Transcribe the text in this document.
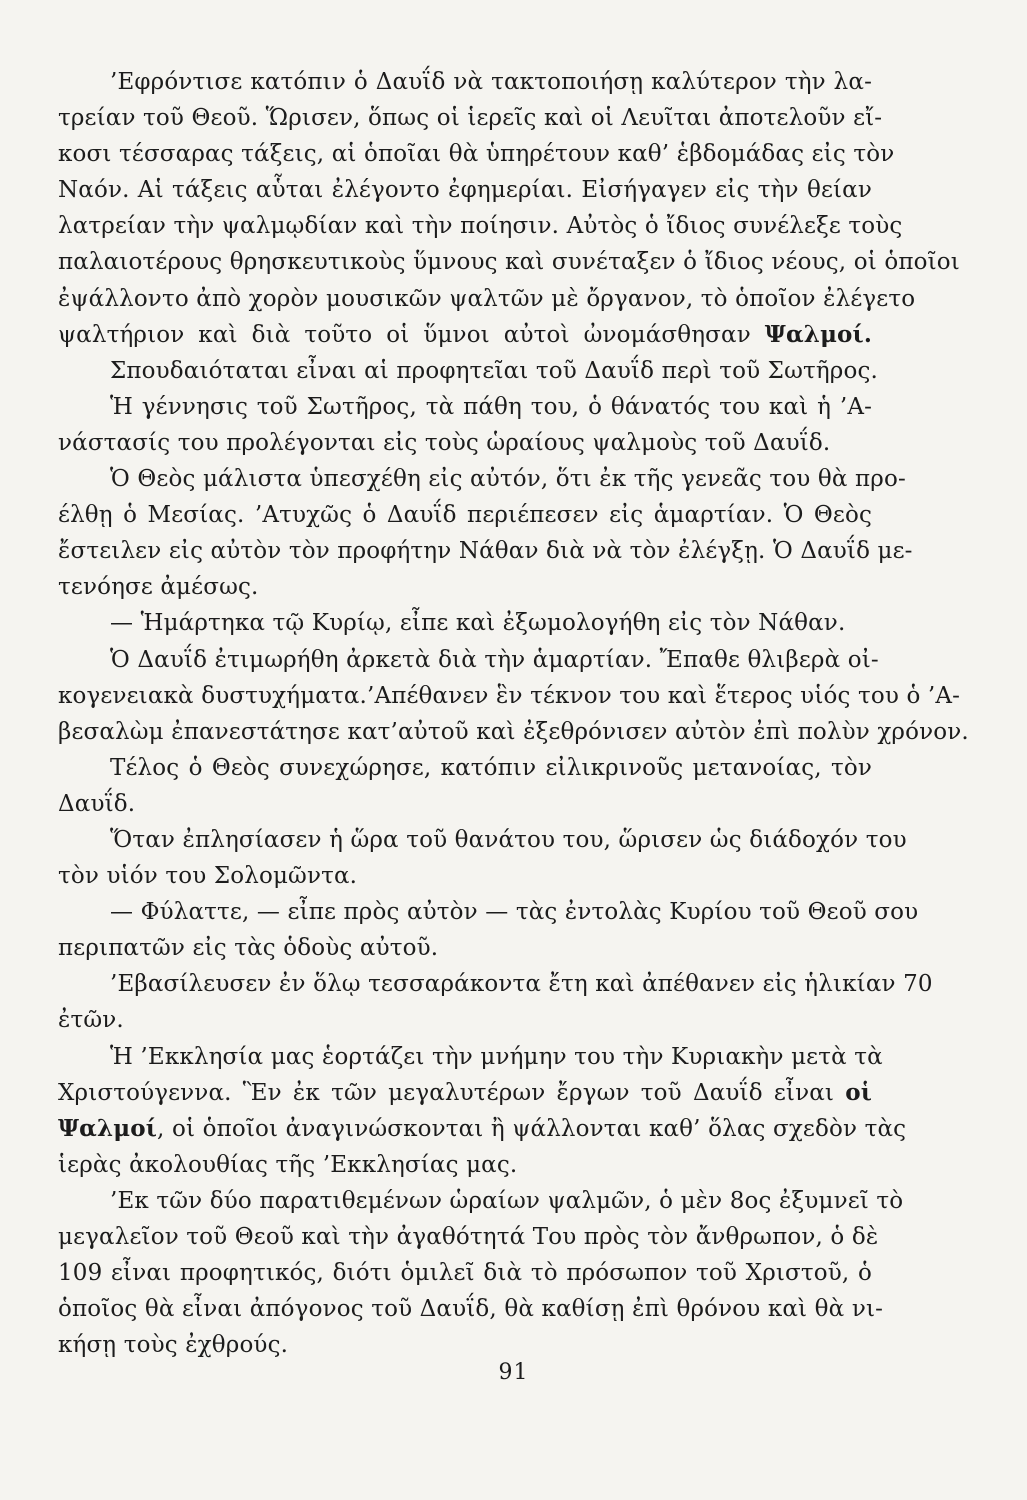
’Εφρόντισε κατόπιν ὁ Δαυΐδ νὰ τακτοποιήσῃ καλύτερον τὴν λα-
τρείαν τοῦ Θεοῦ. Ὥρισεν, ὅπως οἱ ἱερεῖς καὶ οἱ Λευῖται ἀποτελοῦν εἴ-
κοσι τέσσαρας τάξεις, αἱ ὁποῖαι θὰ ὑπηρέτουν καθ’ ἑβδομάδας εἰς τὸν
Ναόν. Αἱ τάξεις αὗται ἐλέγοντο ἐφημερίαι. Εἰσήγαγεν εἰς τὴν θείαν
λατρείαν τὴν ψαλμῳδίαν καὶ τὴν ποίησιν. Αὐτὸς ὁ ἴδιος συνέλεξε τοὺς
παλαιοτέρους θρησκευτικοὺς ὕμνους καὶ συνέταξεν ὁ ἴδιος νέους, οἱ ὁποῖοι
ἐψάλλοντο ἀπὸ χορὸν μουσικῶν ψαλτῶν μὲ ὄργανον, τὸ ὁποῖον ἐλέγετο
ψαλτήριον καὶ διὰ τοῦτο οἱ ὕμνοι αὐτοὶ ὠνομάσθησαν Ψαλμοί.
Σπουδαιόταται εἶναι αἱ προφητεῖαι τοῦ Δαυΐδ περὶ τοῦ Σωτῆρος.
Ἡ γέννησις τοῦ Σωτῆρος, τὰ πάθη του, ὁ θάνατός του καὶ ἡ ’Α-
νάστασίς του προλέγονται εἰς τοὺς ὡραίους ψαλμοὺς τοῦ Δαυΐδ.
Ὁ Θεὸς μάλιστα ὑπεσχέθη εἰς αὐτόν, ὅτι ἐκ τῆς γενεᾶς του θὰ προ-
έλθῃ ὁ Μεσίας. ’Ατυχῶς ὁ Δαυΐδ περιέπεσεν εἰς ἁμαρτίαν. Ὁ Θεὸς
ἔστειλεν εἰς αὐτὸν τὸν προφήτην Νάθαν διὰ νὰ τὸν ἐλέγξῃ. Ὁ Δαυΐδ με-
τενόησε ἀμέσως.
— Ἡμάρτηκα τῷ Κυρίῳ, εἶπε καὶ ἐξωμολογήθη εἰς τὸν Νάθαν.
Ὁ Δαυΐδ ἐτιμωρήθη ἀρκετὰ διὰ τὴν ἁμαρτίαν. Ἔπαθε θλιβερὰ οἰ-
κογενειακὰ δυστυχήματα.’Απέθανεν ἓν τέκνον του καὶ ἕτερος υἱός του ὁ ’Α-
βεσαλὼμ ἐπανεστάτησε κατ’αὐτοῦ καὶ ἐξεθρόνισεν αὐτὸν ἐπὶ πολὺν χρόνον.
Τέλος ὁ Θεὸς συνεχώρησε, κατόπιν εἰλικρινοῦς μετανοίας, τὸν
Δαυΐδ.
Ὅταν ἐπλησίασεν ἡ ὥρα τοῦ θανάτου του, ὥρισεν ὡς διάδοχόν του
τὸν υἱόν του Σολομῶντα.
— Φύλαττε, — εἶπε πρὸς αὐτὸν — τὰς ἐντολὰς Κυρίου τοῦ Θεοῦ σου
περιπατῶν εἰς τὰς ὁδοὺς αὐτοῦ.
’Εβασίλευσεν ἐν ὅλῳ τεσσαράκοντα ἔτη καὶ ἀπέθανεν εἰς ἡλικίαν 70
ἐτῶν.
Ἡ ’Εκκλησία μας ἑορτάζει τὴν μνήμην του τὴν Κυριακὴν μετὰ τὰ
Χριστούγεννα. Ἓν ἐκ τῶν μεγαλυτέρων ἔργων τοῦ Δαυΐδ εἶναι οἱ
Ψαλμοί, οἱ ὁποῖοι ἀναγινώσκονται ἢ ψάλλονται καθ’ ὅλας σχεδὸν τὰς
ἱερὰς ἀκολουθίας τῆς ’Εκκλησίας μας.
’Εκ τῶν δύο παρατιθεμένων ὡραίων ψαλμῶν, ὁ μὲν 8ος ἐξυμνεῖ τὸ
μεγαλεῖον τοῦ Θεοῦ καὶ τὴν ἀγαθότητά Του πρὸς τὸν ἄνθρωπον, ὁ δὲ
109 εἶναι προφητικός, διότι ὁμιλεῖ διὰ τὸ πρόσωπον τοῦ Χριστοῦ, ὁ
ὁποῖος θὰ εἶναι ἀπόγονος τοῦ Δαυΐδ, θὰ καθίσῃ ἐπὶ θρόνου καὶ θὰ νι-
κήσῃ τοὺς ἐχθρούς.
91
